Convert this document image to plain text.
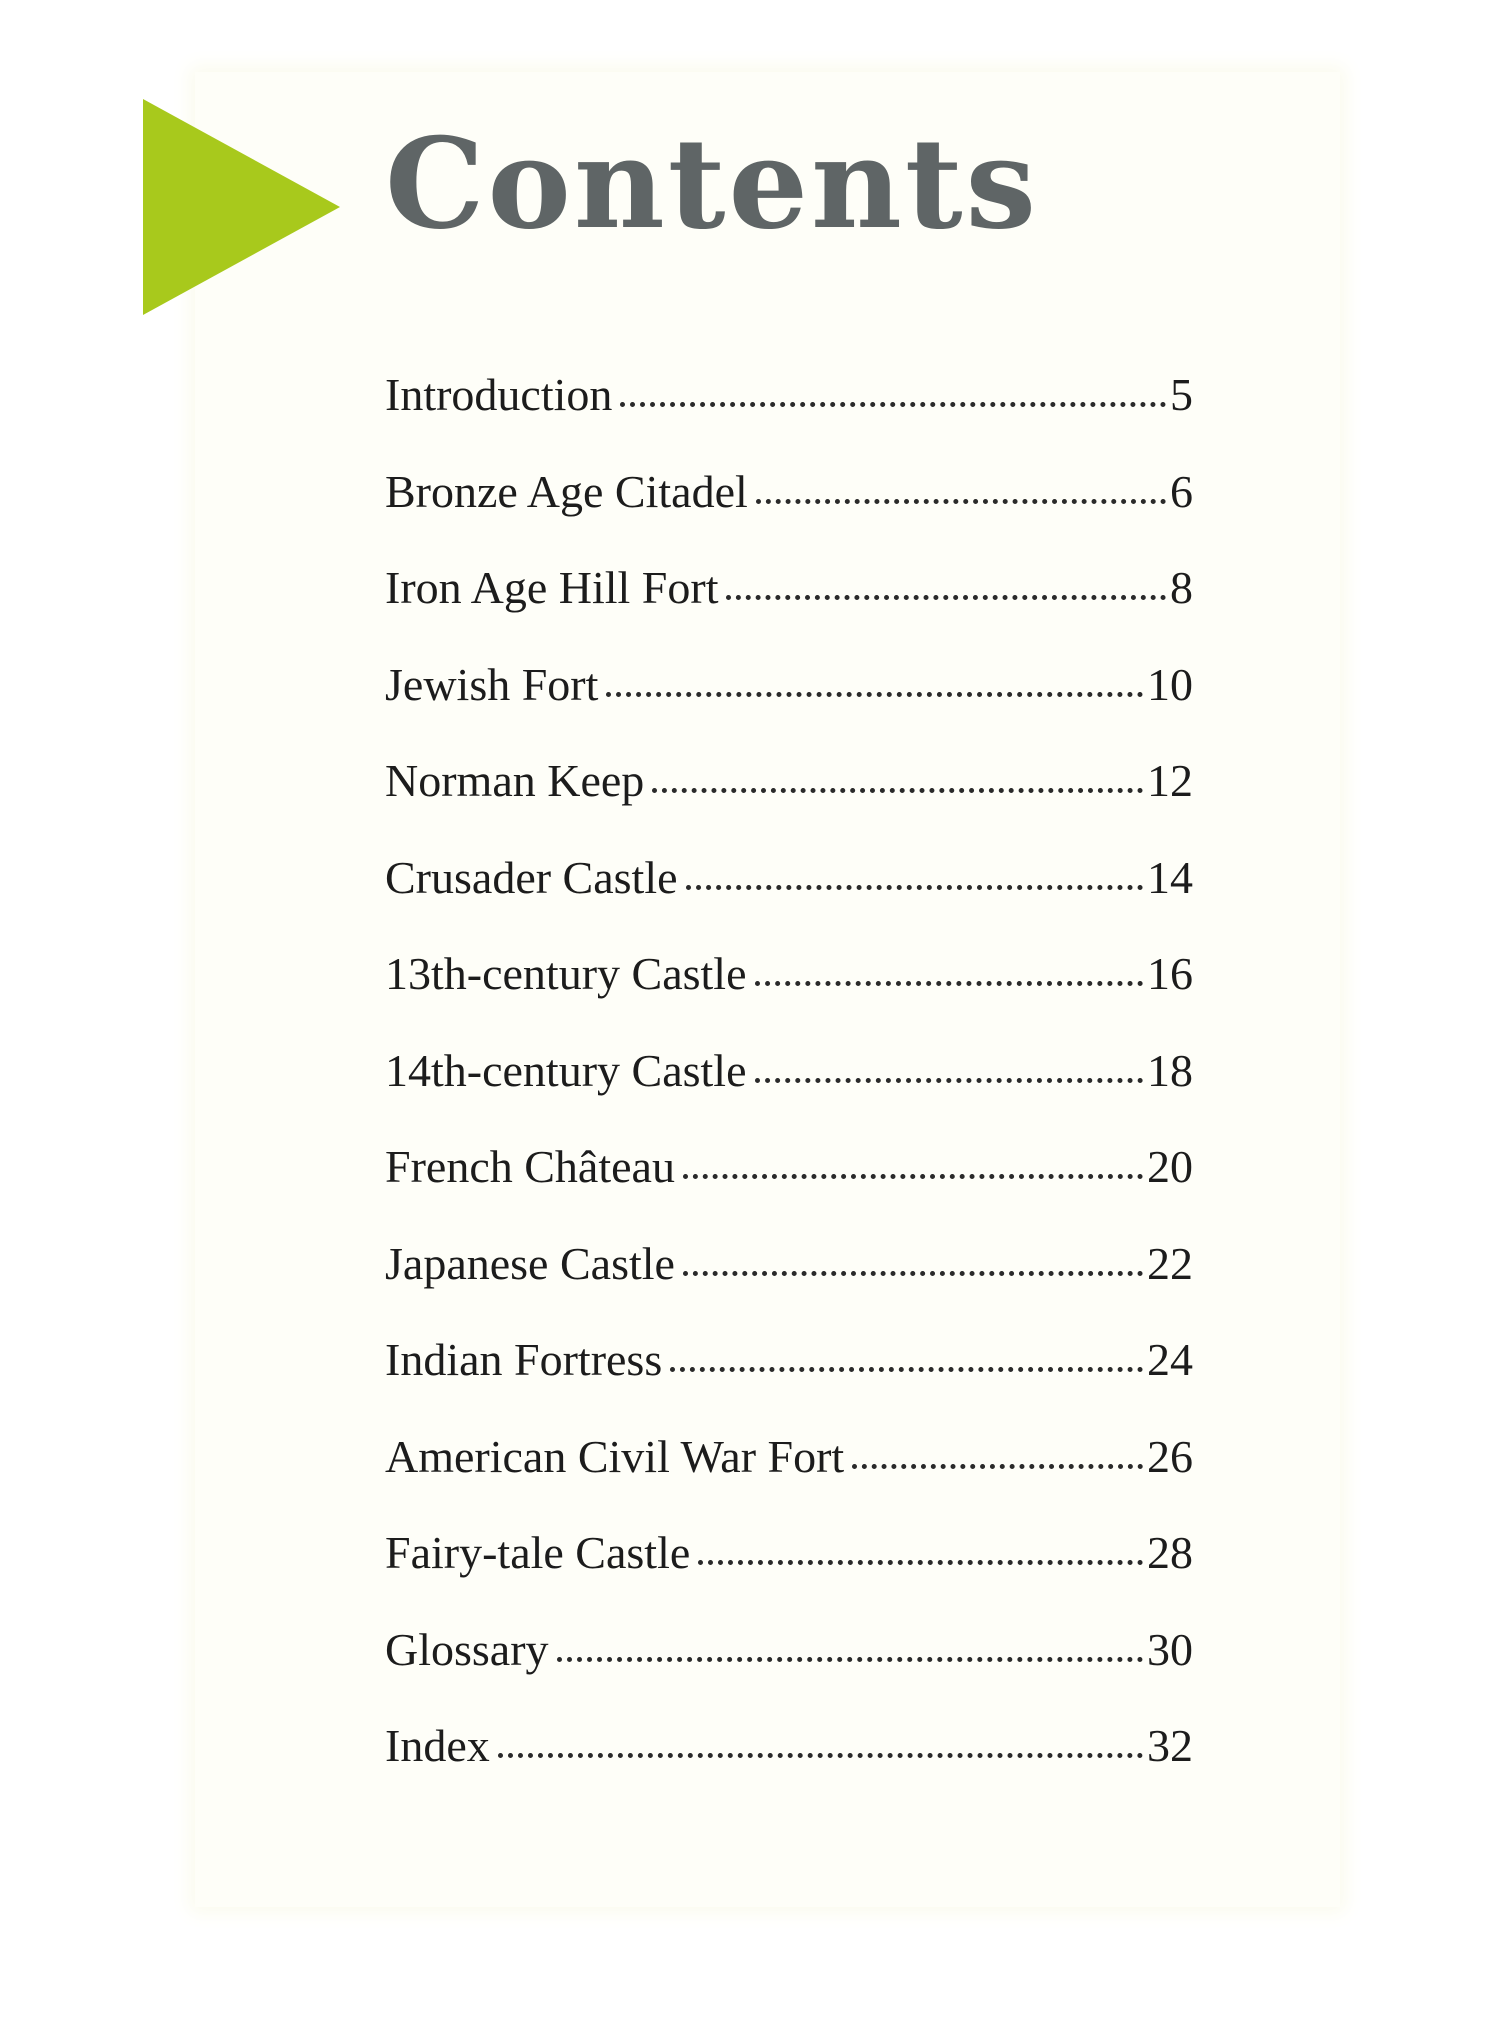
Contents
Introduction	5
Bronze Age Citadel	6
Iron Age Hill Fort	8
Jewish Fort	10
Norman Keep	12
Crusader Castle	14
13th-century Castle	16
14th-century Castle	18
French Château	20
Japanese Castle	22
Indian Fortress	24
American Civil War Fort	26
Fairy-tale Castle	28
Glossary	30
Index	32
